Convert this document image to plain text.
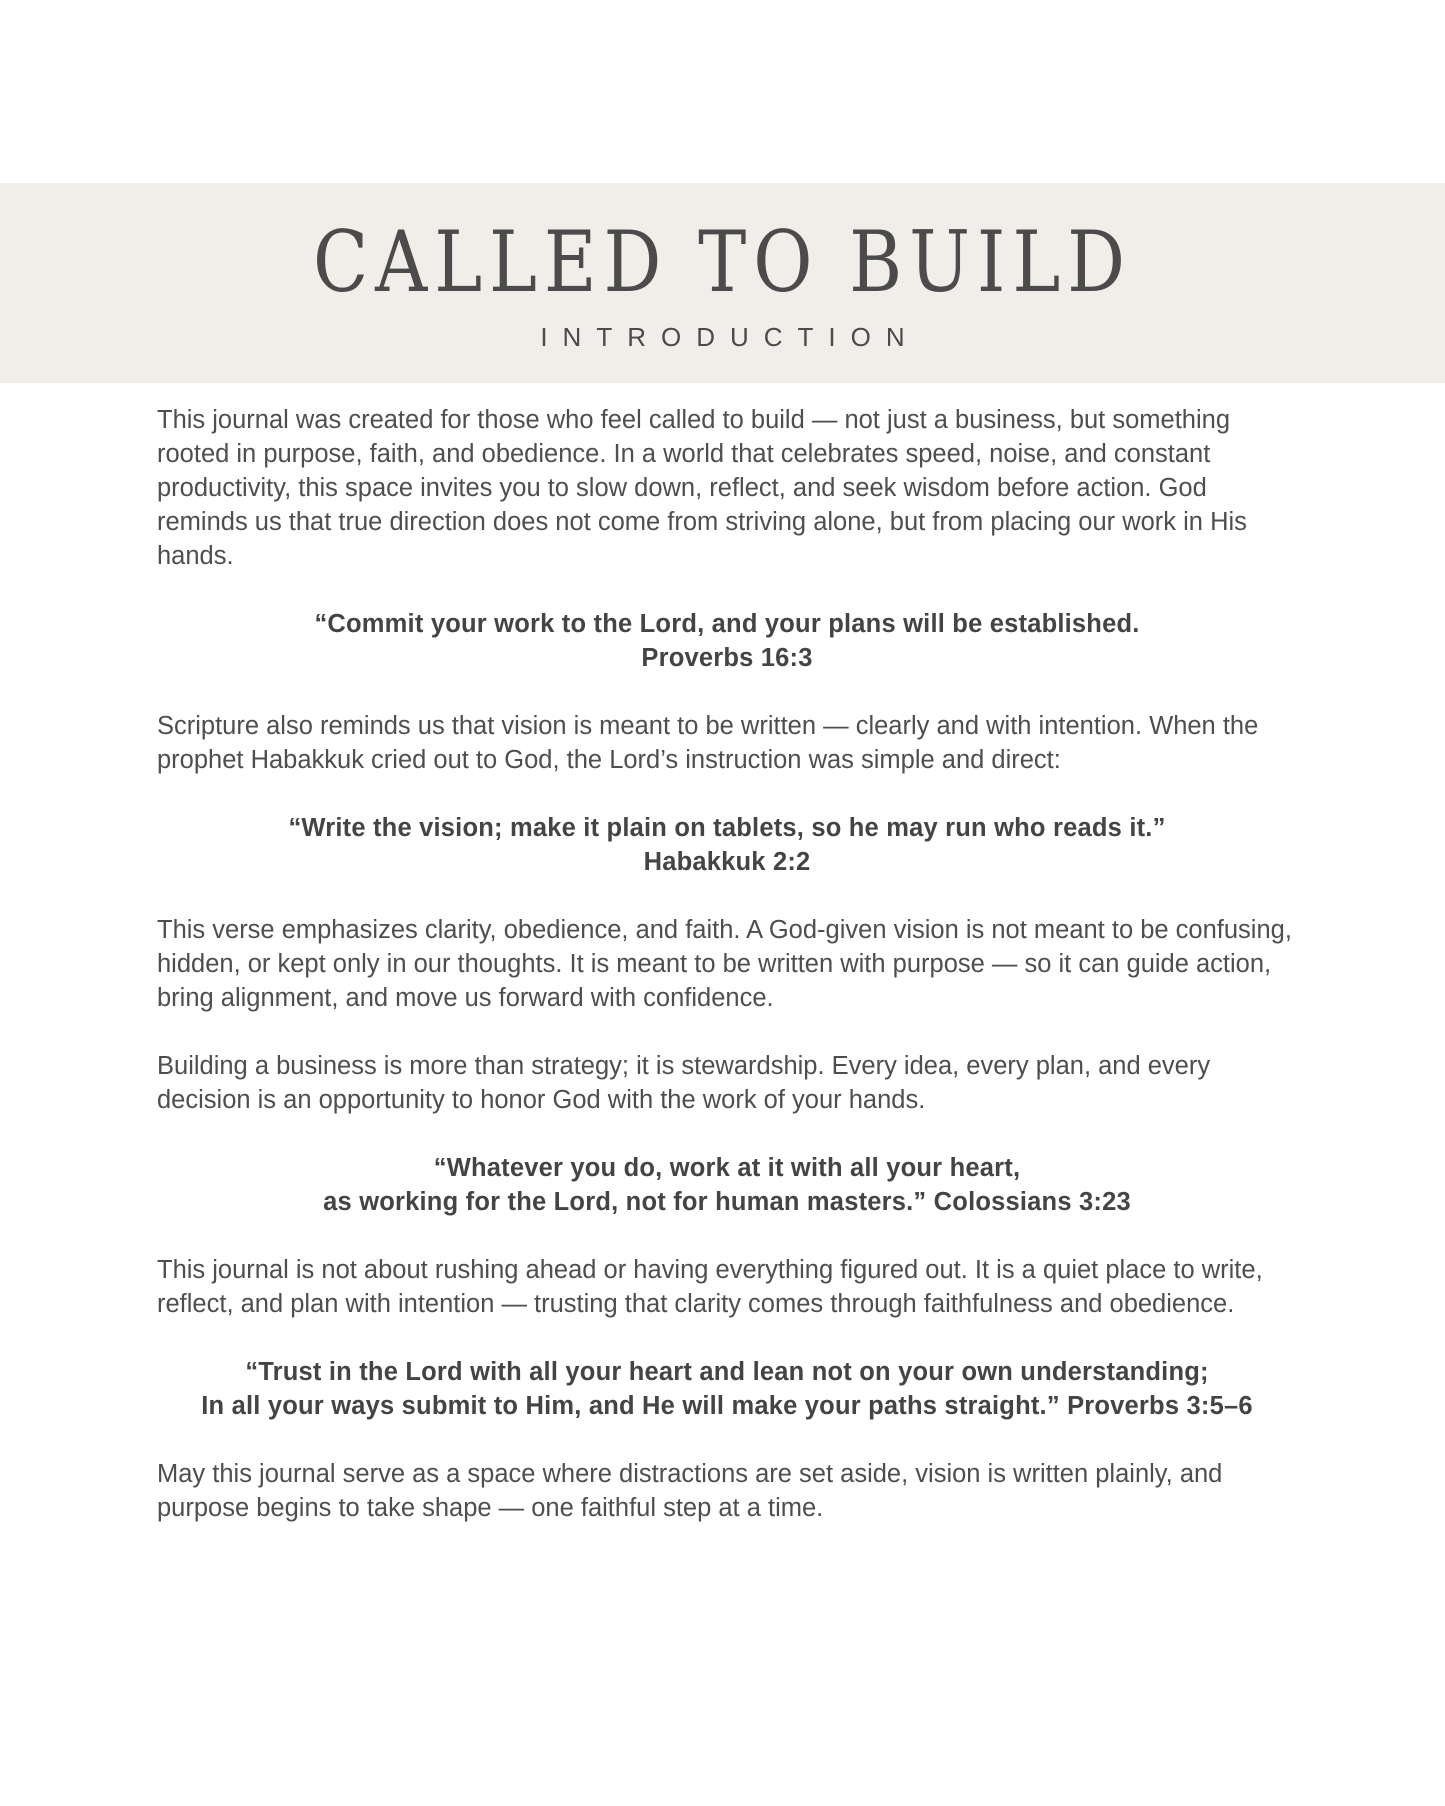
CALLED TO BUILD
INTRODUCTION

This journal was created for those who feel called to build — not just a business, but something rooted in purpose, faith, and obedience. In a world that celebrates speed, noise, and constant productivity, this space invites you to slow down, reflect, and seek wisdom before action. God reminds us that true direction does not come from striving alone, but from placing our work in His hands.

“Commit your work to the Lord, and your plans will be established.
Proverbs 16:3

Scripture also reminds us that vision is meant to be written — clearly and with intention. When the prophet Habakkuk cried out to God, the Lord’s instruction was simple and direct:

“Write the vision; make it plain on tablets, so he may run who reads it.”
Habakkuk 2:2

This verse emphasizes clarity, obedience, and faith. A God-given vision is not meant to be confusing, hidden, or kept only in our thoughts. It is meant to be written with purpose — so it can guide action, bring alignment, and move us forward with confidence.

Building a business is more than strategy; it is stewardship. Every idea, every plan, and every decision is an opportunity to honor God with the work of your hands.

“Whatever you do, work at it with all your heart,
as working for the Lord, not for human masters.” Colossians 3:23

This journal is not about rushing ahead or having everything figured out. It is a quiet place to write, reflect, and plan with intention — trusting that clarity comes through faithfulness and obedience.

“Trust in the Lord with all your heart and lean not on your own understanding;
In all your ways submit to Him, and He will make your paths straight.” Proverbs 3:5–6

May this journal serve as a space where distractions are set aside, vision is written plainly, and purpose begins to take shape — one faithful step at a time.
